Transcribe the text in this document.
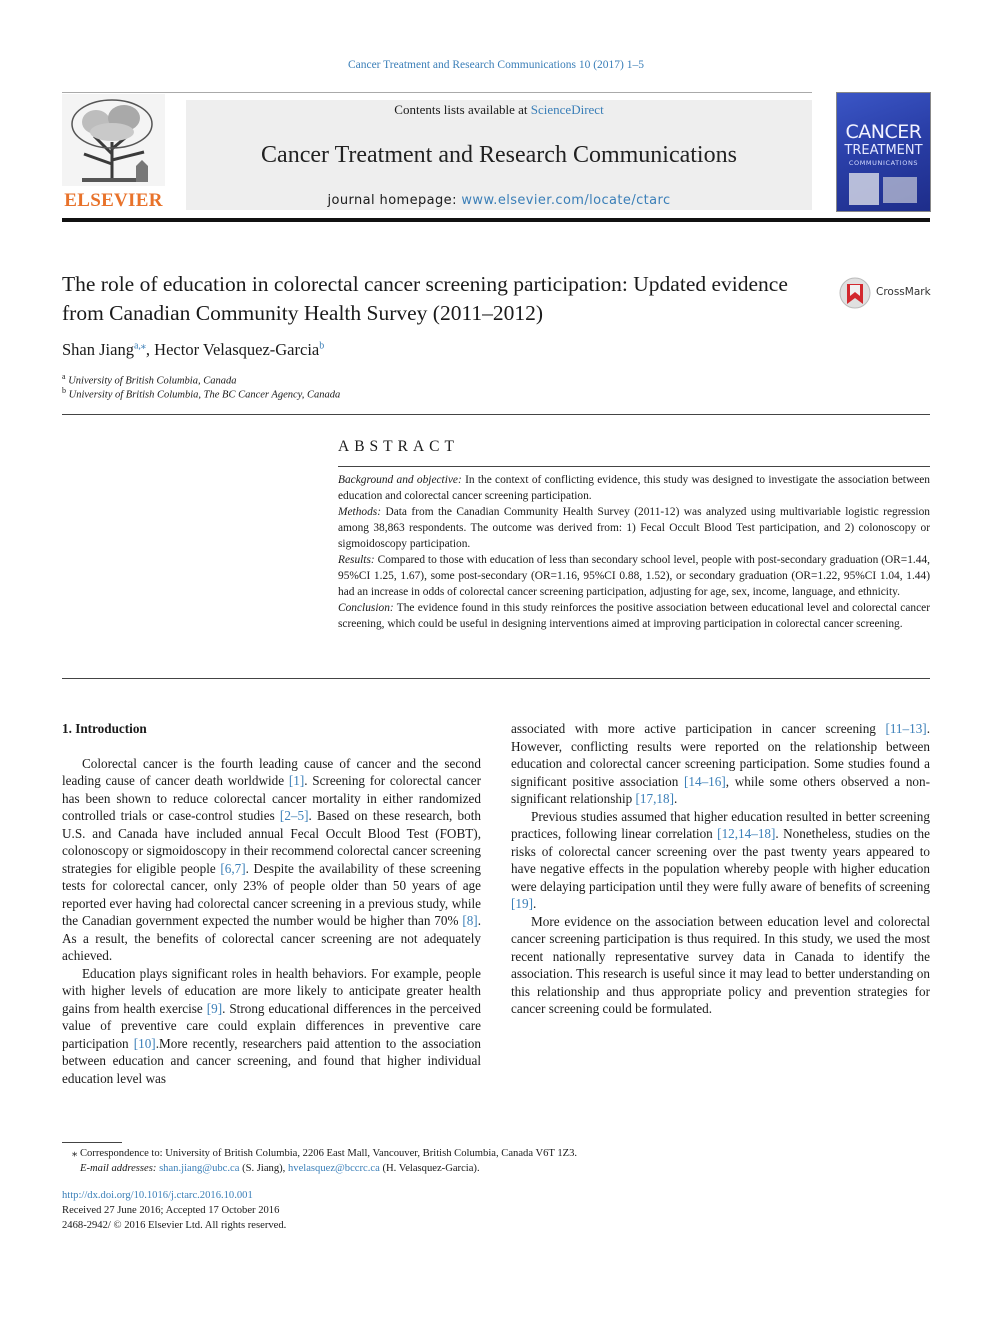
Cancer Treatment and Research Communications 10 (2017) 1–5
ELSEVIER
Contents lists available at ScienceDirect
Cancer Treatment and Research Communications
journal homepage: www.elsevier.com/locate/ctarc
CANCER
TREATMENT
COMMUNICATIONS
The role of education in colorectal cancer screening participation: Updated evidence from Canadian Community Health Survey (2011–2012)
CrossMark
Shan Jiang$^{a,⁎}$, Hector Velasquez-Garcia$^b$
$^a$ University of British Columbia, Canada
$^b$ University of British Columbia, The BC Cancer Agency, Canada
ABSTRACT

Background and objective: In the context of conflicting evidence, this study was designed to investigate the association between education and colorectal cancer screening participation.

Methods: Data from the Canadian Community Health Survey (2011-12) was analyzed using multivariable logistic regression among 38,863 respondents. The outcome was derived from: 1) Fecal Occult Blood Test participation, and 2) colonoscopy or sigmoidoscopy participation.

Results: Compared to those with education of less than secondary school level, people with post-secondary graduation (OR=1.44, 95%CI 1.25, 1.67), some post-secondary (OR=1.16, 95%CI 0.88, 1.52), or secondary graduation (OR=1.22, 95%CI 1.04, 1.44) had an increase in odds of colorectal cancer screening participation, adjusting for age, sex, income, language, and ethnicity.

Conclusion: The evidence found in this study reinforces the positive association between educational level and colorectal cancer screening, which could be useful in designing interventions aimed at improving participation in colorectal cancer screening.

1. Introduction

Colorectal cancer is the fourth leading cause of cancer and the second leading cause of cancer death worldwide [1]. Screening for colorectal cancer has been shown to reduce colorectal cancer mortality in either randomized controlled trials or case-control studies [2–5]. Based on these research, both U.S. and Canada have included annual Fecal Occult Blood Test (FOBT), colonoscopy or sigmoidoscopy in their recommend colorectal cancer screening strategies for eligible people [6,7]. Despite the availability of these screening tests for colorectal cancer, only 23% of people older than 50 years of age reported ever having had colorectal cancer screening in a previous study, while the Canadian government expected the number would be higher than 70% [8]. As a result, the benefits of colorectal cancer screening are not adequately achieved.

Education plays significant roles in health behaviors. For example, people with higher levels of education are more likely to anticipate greater health gains from health exercise [9]. Strong educational differences in the perceived value of preventive care could explain differences in preventive care participation [10].More recently, researchers paid attention to the association between education and cancer screening, and found that higher individual education level was

associated with more active participation in cancer screening [11–13]. However, conflicting results were reported on the relationship between education and colorectal cancer screening participation. Some studies found a significant positive association [14–16], while some others observed a non-significant relationship [17,18].

Previous studies assumed that higher education resulted in better screening practices, following linear correlation [12,14–18]. Nonetheless, studies on the risks of colorectal cancer screening over the past twenty years appeared to have negative effects in the population whereby people with higher education were delaying participation until they were fully aware of benefits of screening [19].

More evidence on the association between education level and colorectal cancer screening participation is thus required. In this study, we used the most recent nationally representative survey data in Canada to identify the association. This research is useful since it may lead to better understanding on this relationship and thus appropriate policy and prevention strategies for cancer screening could be formulated.

⁎ Correspondence to: University of British Columbia, 2206 East Mall, Vancouver, British Columbia, Canada V6T 1Z3.

E-mail addresses: shan.jiang@ubc.ca (S. Jiang), hvelasquez@bccrc.ca (H. Velasquez-Garcia).

http://dx.doi.org/10.1016/j.ctarc.2016.10.001

Received 27 June 2016; Accepted 17 October 2016

2468-2942/ © 2016 Elsevier Ltd. All rights reserved.
